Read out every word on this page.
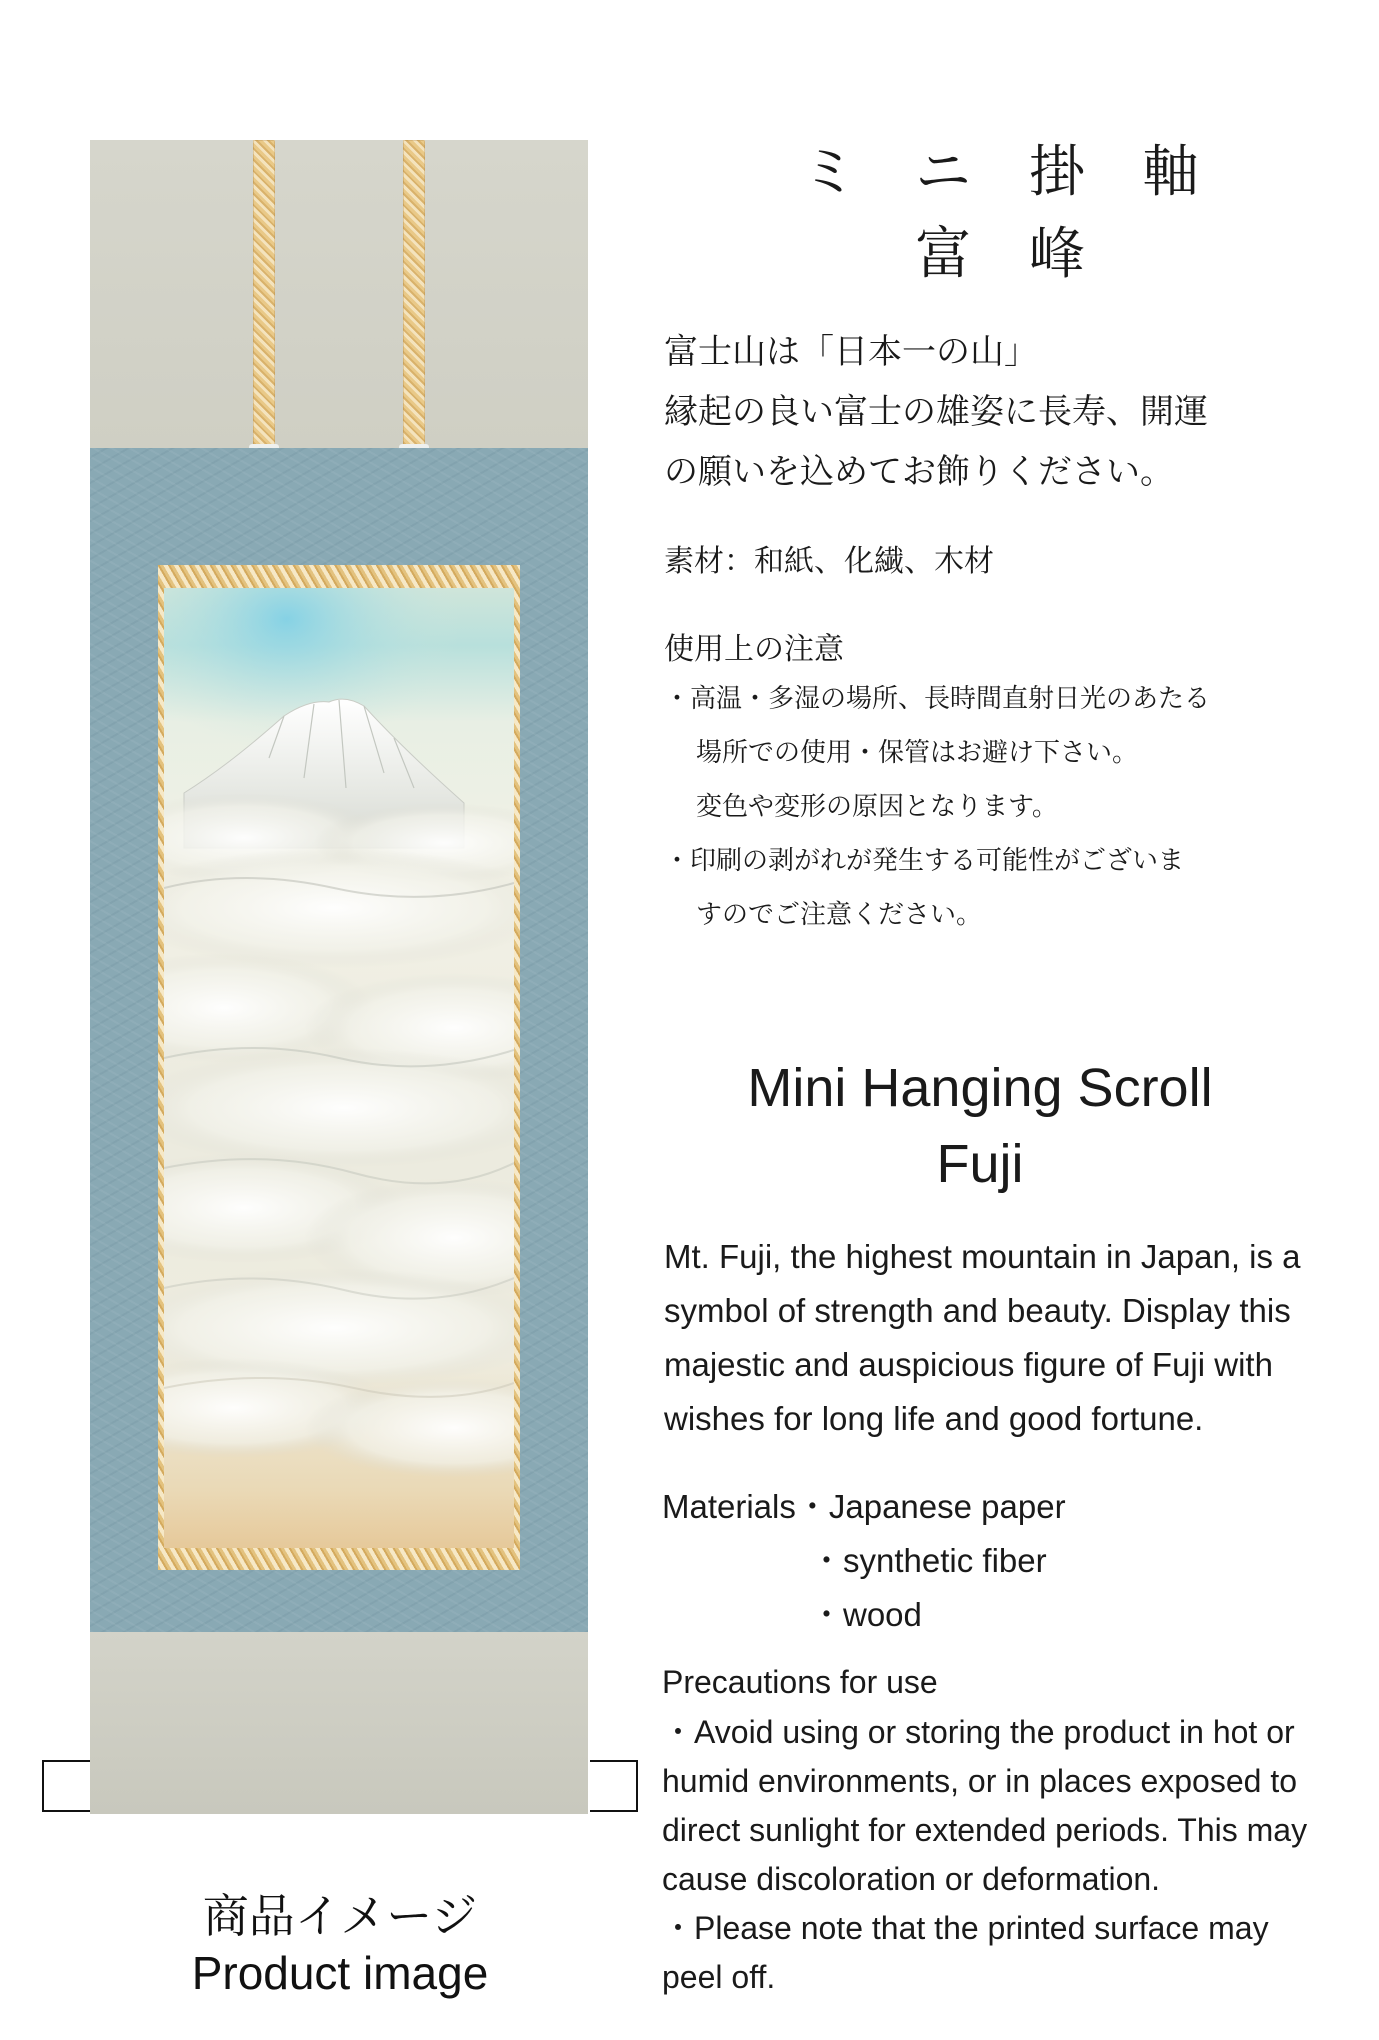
商品イメージ
Product image
ミ ニ 掛 軸
富 峰
富士山は「日本一の山」
縁起の良い富士の雄姿に長寿、開運
の願いを込めてお飾りください。
素材：和紙、化繊、木材
使用上の注意
・高温・多湿の場所、長時間直射日光のあたる
場所での使用・保管はお避け下さい。
変色や変形の原因となります。
・印刷の剥がれが発生する可能性がございま
すのでご注意ください。
Mini Hanging Scroll
Fuji
Mt. Fuji, the highest mountain in Japan, is a symbol of strength and beauty. Display this majestic and auspicious figure of Fuji with wishes for long life and good fortune.
Materials・Japanese paper
・synthetic fiber
・wood
Precautions for use
・Avoid using or storing the product in hot or
humid environments, or in places exposed to
direct sunlight for extended periods. This may
cause discoloration or deformation.
・Please note that the printed surface may
peel off.
